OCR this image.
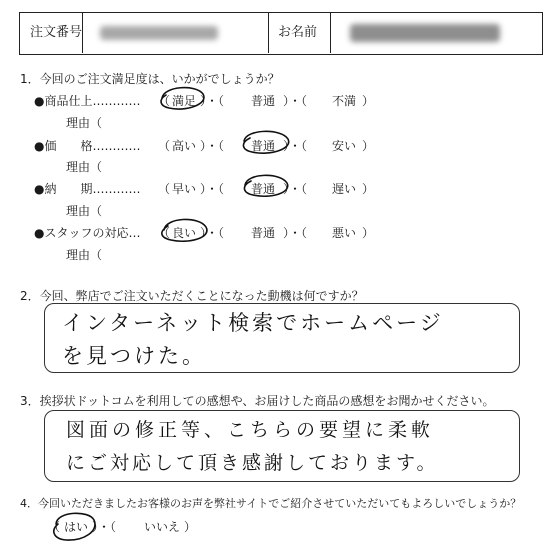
注文番号	お名前
1．今回のご注文満足度は、いかがでしょうか？
●商品仕上………… （ 満足 ）・（ 普通 ）・（ 不満 ）
理由（
●価　　格………… （ 高い ）・（ 普通 ）・（ 安い ）
理由（
●納　　期………… （ 早い ）・（ 普通 ）・（ 遅い ）
理由（
●スタッフの対応… （ 良い ）・（ 普通 ）・（ 悪い ）
理由（
2．今回、弊店でご注文いただくことになった動機は何ですか？
インターネット検索でホームページ
を見つけた。
3．挨拶状ドットコムを利用しての感想や、お届けした商品の感想をお聞かせください。
図面の修正等、こちらの要望に柔軟
にご対応して頂き感謝しております。
4．今回いただきましたお客様のお声を弊社サイトでご紹介させていただいてもよろしいでしょうか？
（ はい ）・（ いいえ ）
